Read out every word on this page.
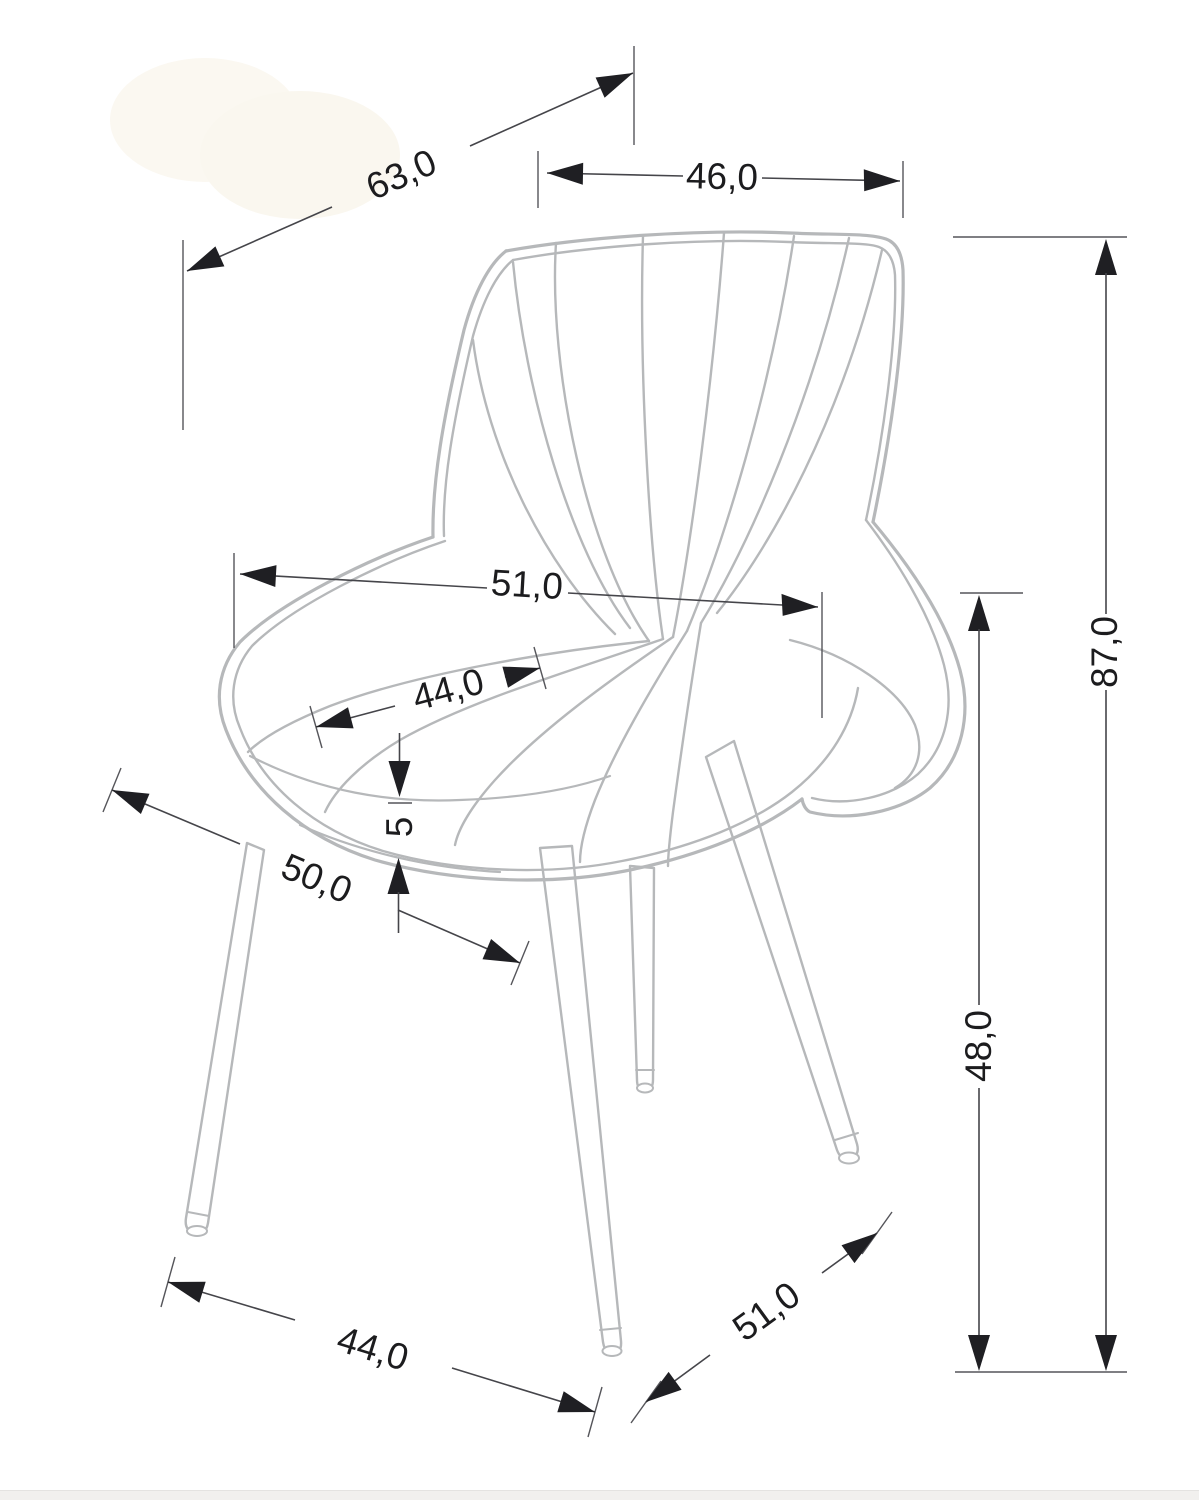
63,0	46,0
51,0
44,0
5
50,0
87,0
48,0
44,0	51,0
